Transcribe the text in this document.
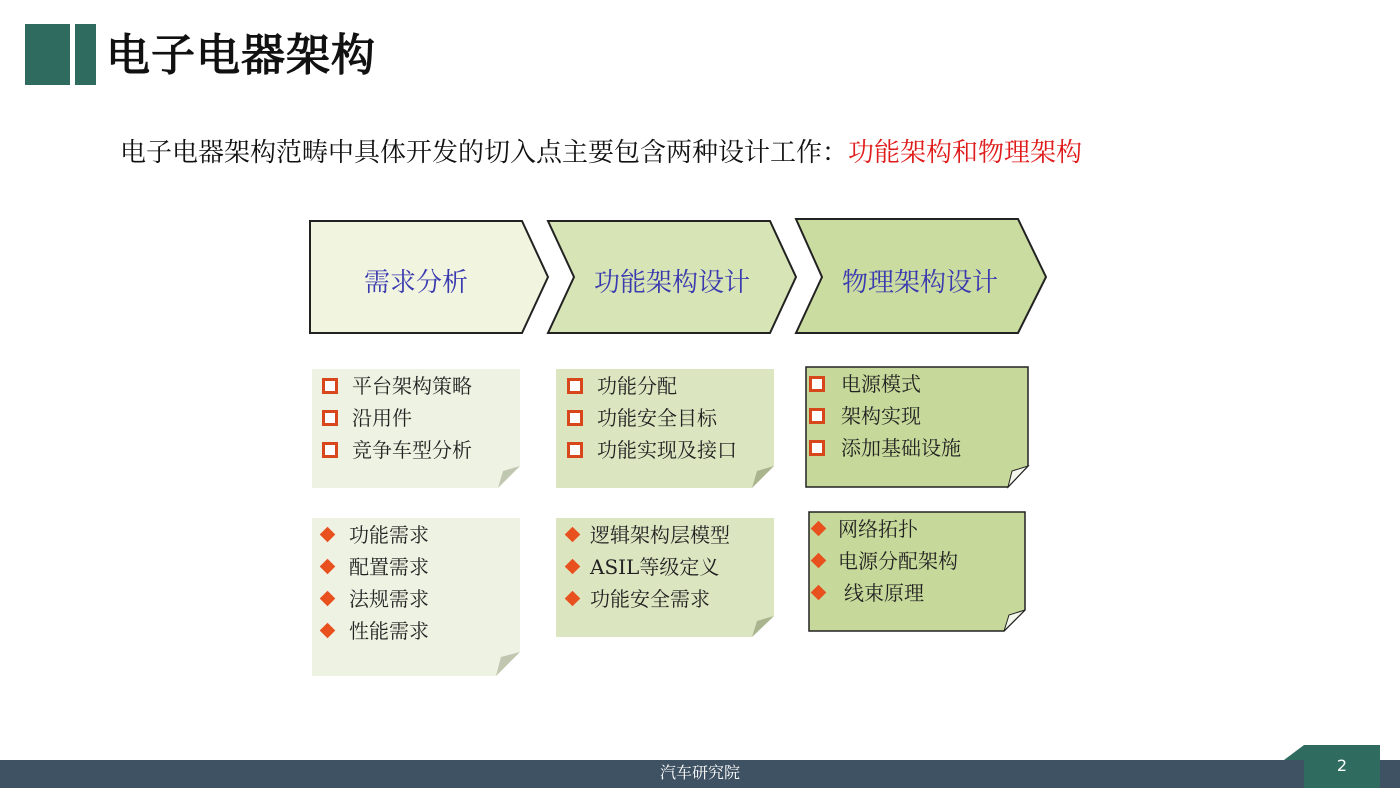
电子电器架构
电子电器架构范畴中具体开发的切入点主要包含两种设计工作：功能架构和物理架构
需求分析	功能架构设计	物理架构设计
平台架构策略
沿用件
竞争车型分析
功能分配
功能安全目标
功能实现及接口
电源模式
架构实现
添加基础设施
功能需求
配置需求
法规需求
性能需求
逻辑架构层模型
ASIL等级定义
功能安全需求
网络拓扑
电源分配架构
线束原理
汽车研究院	2
